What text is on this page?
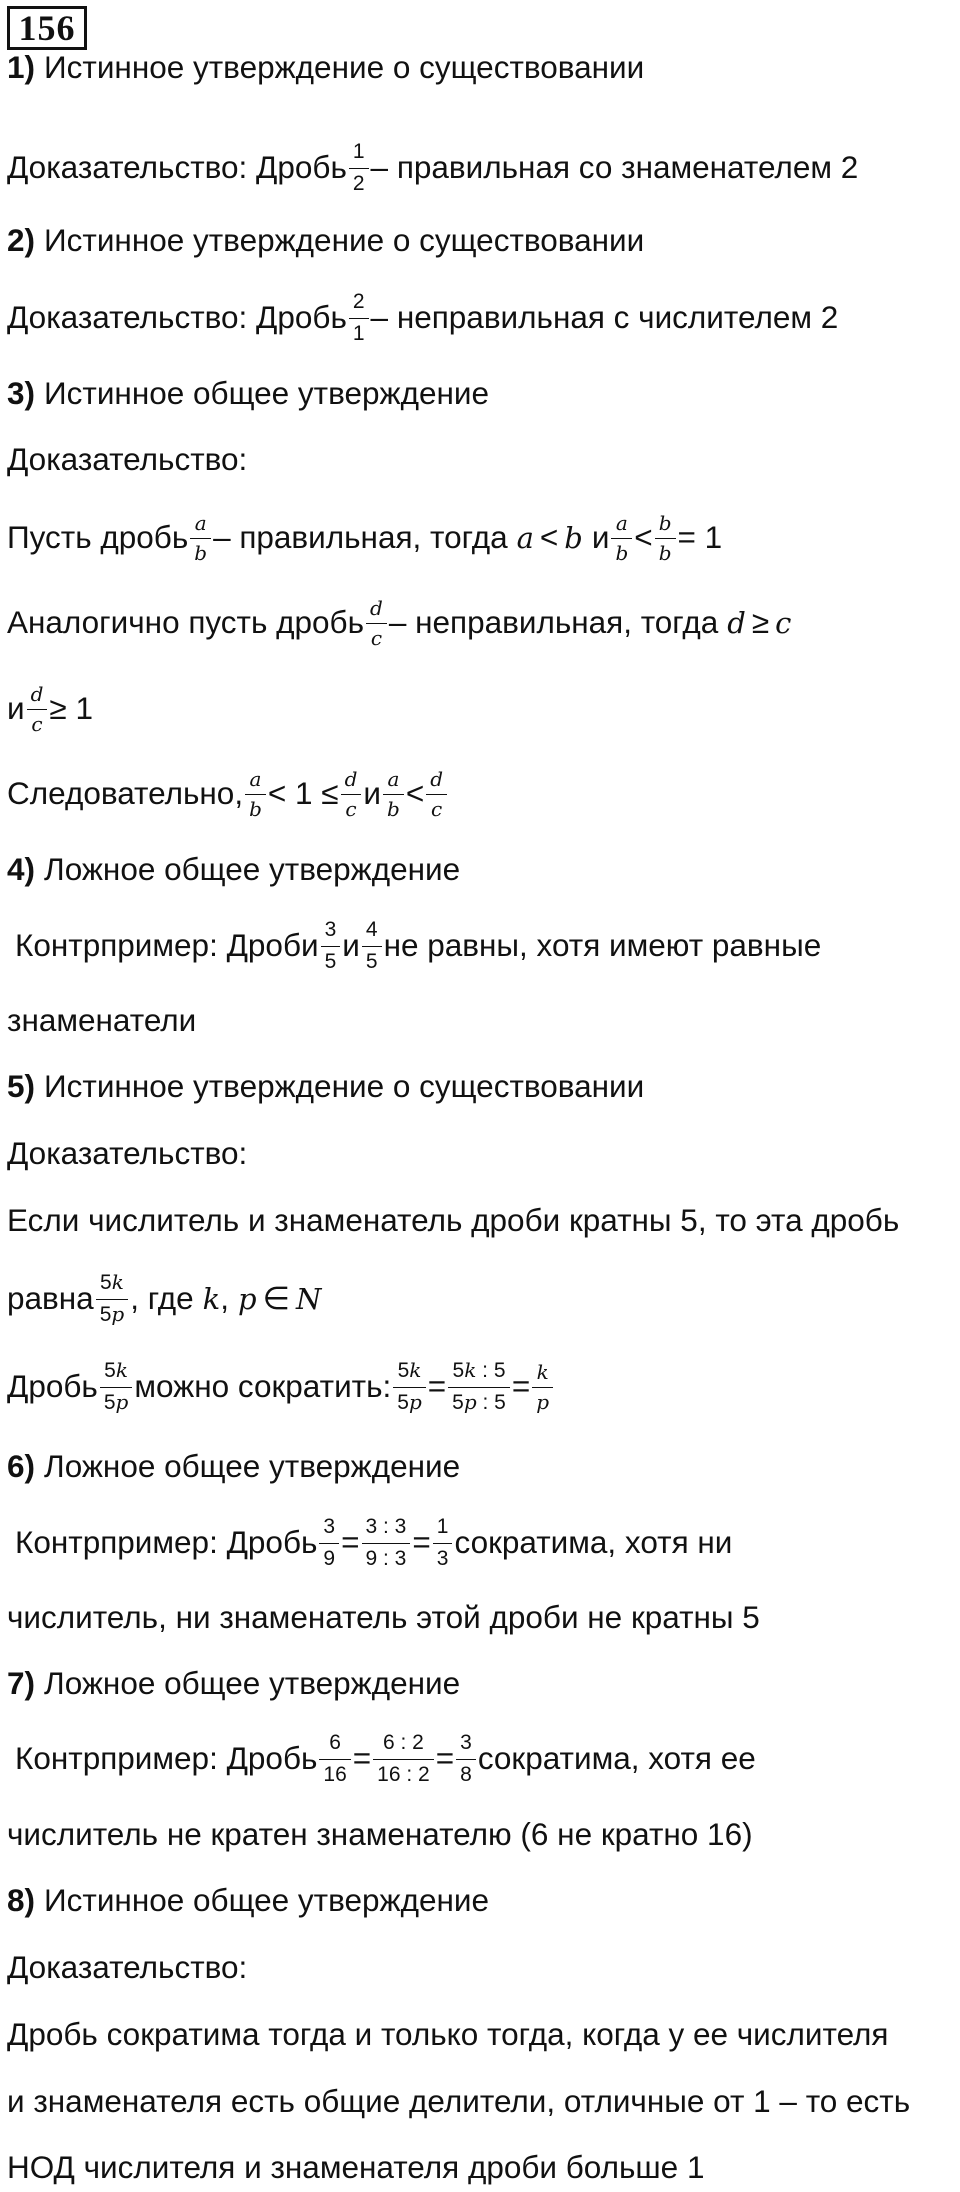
156
1) Истинное утверждение о существовании
Доказательство: Дробь $\frac{1}{2}$ – правильная со знаменателем 2
2) Истинное утверждение о существовании
Доказательство: Дробь $\frac{2}{1}$ – неправильная с числителем 2
3) Истинное общее утверждение
Доказательство:
Пусть дробь $\frac{a}{b}$ – правильная, тогда a < b и $\frac{a}{b} < \frac{b}{b} = 1$
Аналогично пусть дробь $\frac{d}{c}$ – неправильная, тогда d ≥ c
и $\frac{d}{c} \ge 1$
Следовательно, $\frac{a}{b} < 1 \le \frac{d}{c}$ и $\frac{a}{b} < \frac{d}{c}$
4) Ложное общее утверждение
Контрпример: Дроби $\frac{3}{5}$ и $\frac{4}{5}$ не равны, хотя имеют равные
знаменатели
5) Истинное утверждение о существовании
Доказательство:
Если числитель и знаменатель дроби кратны 5, то эта дробь
равна $\frac{5k}{5p}$ , где k , p ∈ N
Дробь $\frac{5k}{5p}$ можно сократить: $\frac{5k}{5p} = \frac{5k : 5}{5p : 5} = \frac{k}{p}$
6) Ложное общее утверждение
Контрпример: Дробь $\frac{3}{9} = \frac{3 : 3}{9 : 3} = \frac{1}{3}$ сократима, хотя ни
числитель, ни знаменатель этой дроби не кратны 5
7) Ложное общее утверждение
Контрпример: Дробь $\frac{6}{16} = \frac{6 : 2}{16 : 2} = \frac{3}{8}$ сократима, хотя ее
числитель не кратен знаменателю (6 не кратно 16)
8) Истинное общее утверждение
Доказательство:
Дробь сократима тогда и только тогда, когда у ее числителя
и знаменателя есть общие делители, отличные от 1 – то есть
НОД числителя и знаменателя дроби больше 1
